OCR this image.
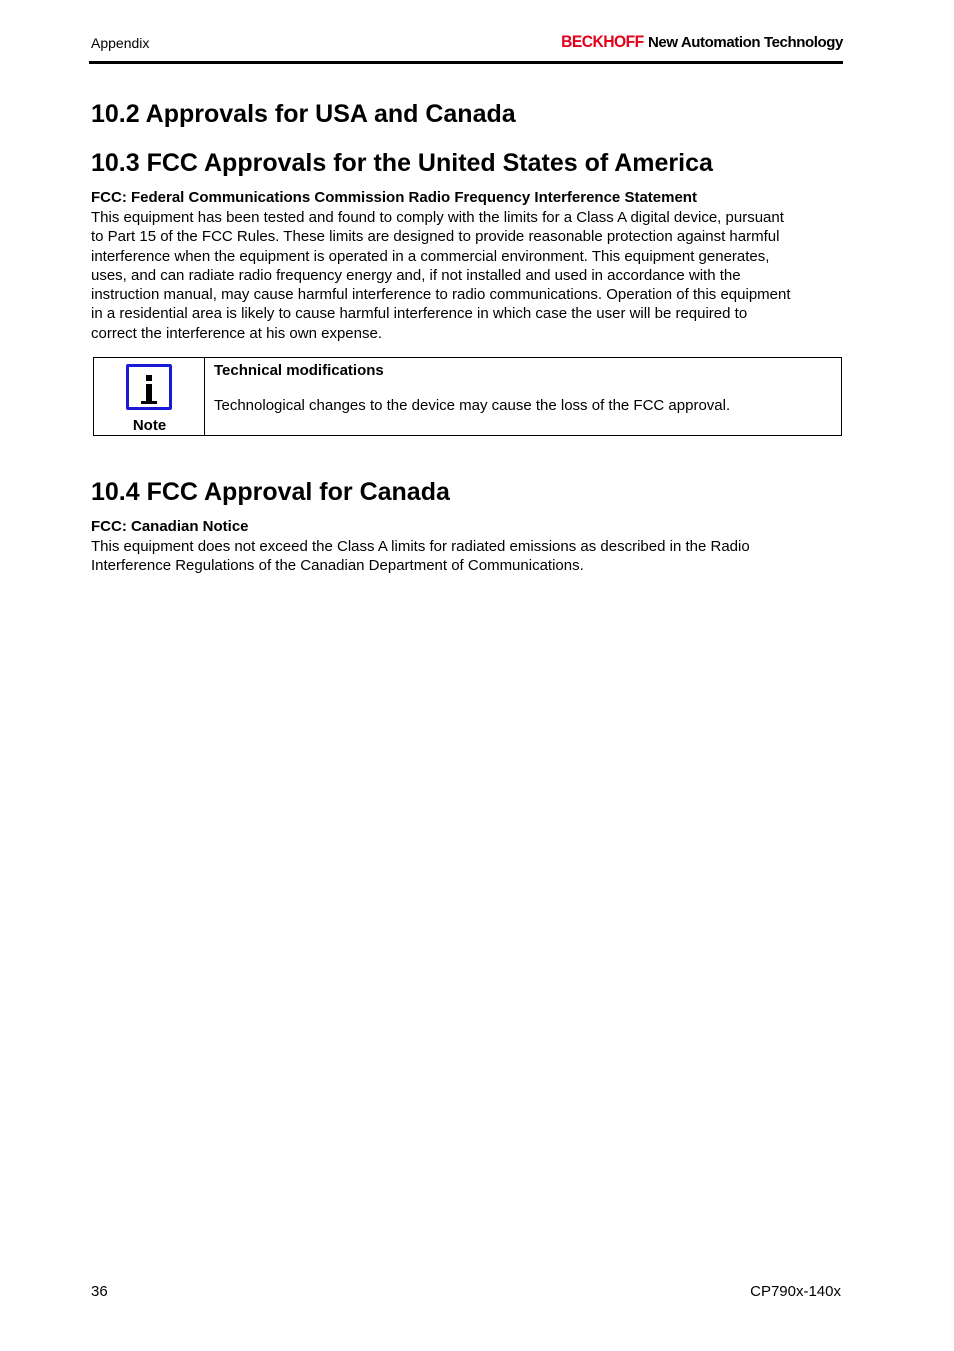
Appendix	BECKHOFF New Automation Technology
10.2 Approvals for USA and Canada
10.3 FCC Approvals for the United States of America
FCC: Federal Communications Commission Radio Frequency Interference Statement
This equipment has been tested and found to comply with the limits for a Class A digital device, pursuant
to Part 15 of the FCC Rules. These limits are designed to provide reasonable protection against harmful
interference when the equipment is operated in a commercial environment. This equipment generates,
uses, and can radiate radio frequency energy and, if not installed and used in accordance with the
instruction manual, may cause harmful interference to radio communications. Operation of this equipment
in a residential area is likely to cause harmful interference in which case the user will be required to
correct the interference at his own expense.
Note
Technical modifications
Technological changes to the device may cause the loss of the FCC approval.
10.4 FCC Approval for Canada
FCC: Canadian Notice
This equipment does not exceed the Class A limits for radiated emissions as described in the Radio
Interference Regulations of the Canadian Department of Communications.
36	CP790x-140x
